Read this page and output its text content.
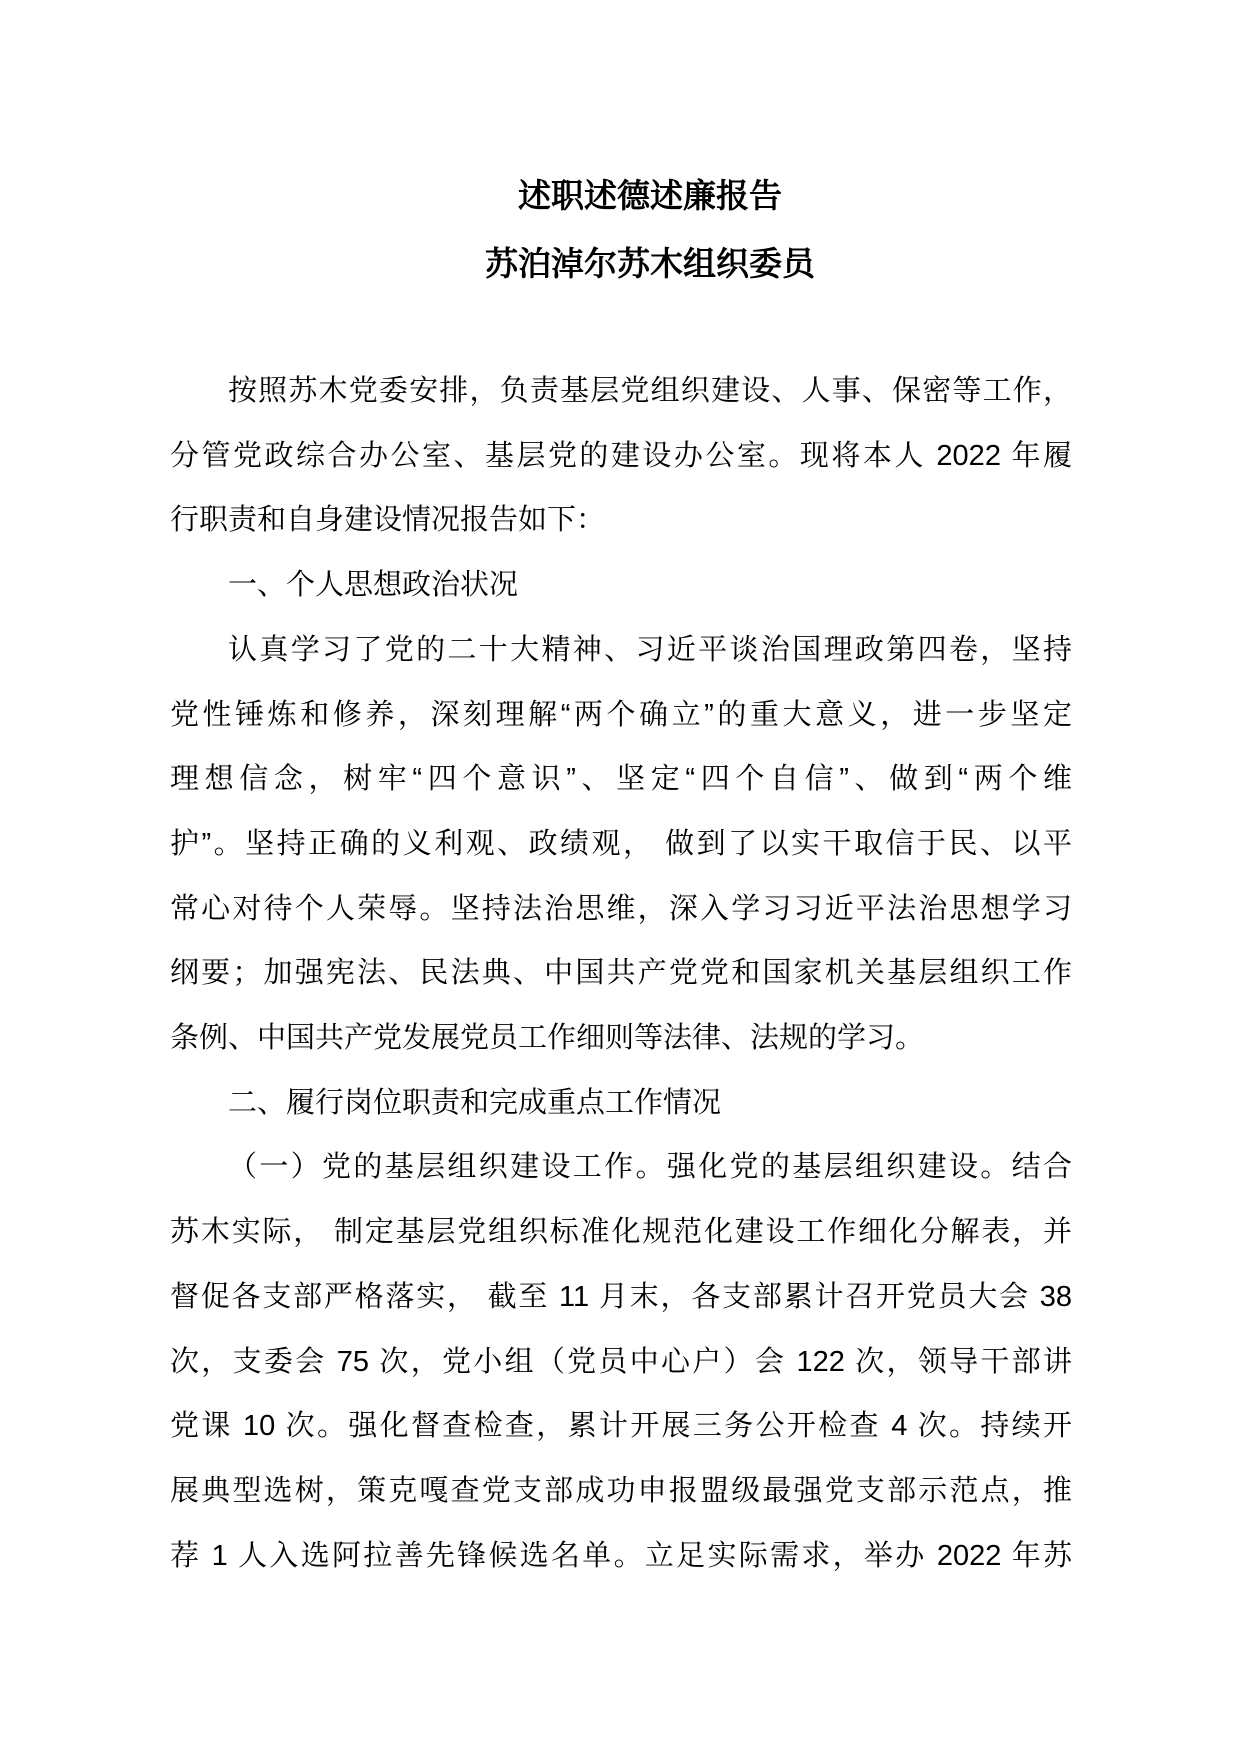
述职述德述廉报告
苏泊淖尔苏木组织委员
按照苏木党委安排，负责基层党组织建设、人事、保密等工作，
分管党政综合办公室、基层党的建设办公室。现将本人 2022 年履
行职责和自身建设情况报告如下：
一、个人思想政治状况
认真学习了党的二十大精神、习近平谈治国理政第四卷，坚持
党性锤炼和修养，深刻理解“两个确立”的重大意义，进一步坚定
理想信念，树牢“四个意识”、坚定“四个自信”、做到“两个维
护”。坚持正确的义利观、政绩观， 做到了以实干取信于民、以平
常心对待个人荣辱。坚持法治思维，深入学习习近平法治思想学习
纲要；加强宪法、民法典、中国共产党党和国家机关基层组织工作
条例、中国共产党发展党员工作细则等法律、法规的学习。
二、履行岗位职责和完成重点工作情况
（一）党的基层组织建设工作。强化党的基层组织建设。结合
苏木实际， 制定基层党组织标准化规范化建设工作细化分解表，并
督促各支部严格落实， 截至 11 月末，各支部累计召开党员大会 38
次，支委会 75 次，党小组（党员中心户）会 122 次，领导干部讲
党课 10 次。强化督查检查，累计开展三务公开检查 4 次。持续开
展典型选树，策克嘎查党支部成功申报盟级最强党支部示范点，推
荐 1 人入选阿拉善先锋候选名单。立足实际需求，举办 2022 年苏
